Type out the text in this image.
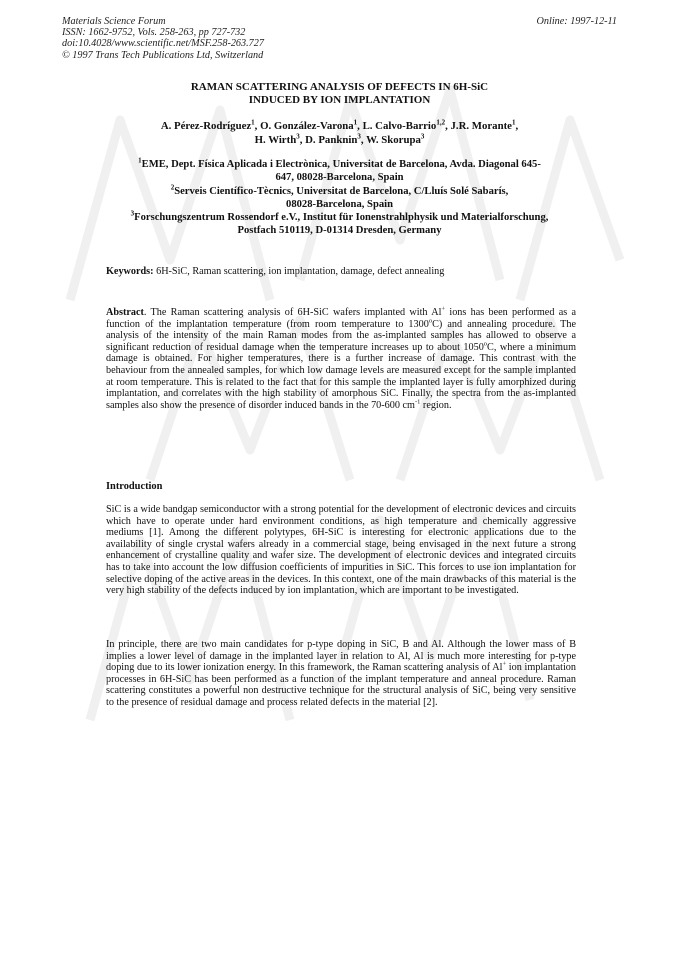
Materials Science Forum
ISSN: 1662-9752, Vols. 258-263, pp 727-732
doi:10.4028/www.scientific.net/MSF.258-263.727
© 1997 Trans Tech Publications Ltd, Switzerland
Online: 1997-12-11
RAMAN SCATTERING ANALYSIS OF DEFECTS IN 6H-SiC
INDUCED BY ION IMPLANTATION
A. Pérez-Rodríguez$^1$, O. González-Varona$^1$, L. Calvo-Barrio$^{1,2}$, J.R. Morante$^1$,
H. Wirth$^3$, D. Panknin$^3$, W. Skorupa$^3$
$^1$EME, Dept. Física Aplicada i Electrònica, Universitat de Barcelona, Avda. Diagonal 645-
647, 08028-Barcelona, Spain
$^2$Serveis Científico-Tècnics, Universitat de Barcelona, C/Lluís Solé Sabarís,
08028-Barcelona, Spain
$^3$Forschungszentrum Rossendorf e.V., Institut für Ionenstrahlphysik und Materialforschung,
Postfach 510119, D-01314 Dresden, Germany
Keywords: 6H-SiC, Raman scattering, ion implantation, damage, defect annealing
Abstract. The Raman scattering analysis of 6H-SiC wafers implanted with Al+ ions has been performed as a function of the implantation temperature (from room temperature to 1300$^o$C) and annealing procedure. The analysis of the intensity of the main Raman modes from the as-implanted samples has allowed to observe a significant reduction of residual damage when the temperature increases up to about 1050$^o$C, where a minimum damage is obtained. For higher temperatures, there is a further increase of damage. This contrast with the behaviour from the annealed samples, for which low damage levels are measured except for the sample implanted at room temperature. This is related to the fact that for this sample the implanted layer is fully amorphized during implantation, and correlates with the high stability of amorphous SiC. Finally, the spectra from the as-implanted samples also show the presence of disorder induced bands in the 70-600 $cm^{-1}$ region.
Introduction
SiC is a wide bandgap semiconductor with a strong potential for the development of electronic devices and circuits which have to operate under hard environment conditions, as high temperature and chemically aggressive mediums [1]. Among the different polytypes, 6H-SiC is interesting for electronic applications due to the availability of single crystal wafers already in a commercial stage, being envisaged in the next future a strong enhancement of crystalline quality and wafer size. The development of electronic devices and integrated circuits has to take into account the low diffusion coefficients of impurities in SiC. This forces to use ion implantation for selective doping of the active areas in the devices. In this context, one of the main drawbacks of this material is the very high stability of the defects induced by ion implantation, which are important to be investigated.
In principle, there are two main candidates for p-type doping in SiC, B and Al. Although the lower mass of B implies a lower level of damage in the implanted layer in relation to Al, Al is much more interesting for p-type doping due to its lower ionization energy. In this framework, the Raman scattering analysis of Al+ ion implantation processes in 6H-SiC has been performed as a function of the implant temperature and anneal procedure. Raman scattering constitutes a powerful non destructive technique for the structural analysis of SiC, being very sensitive to the presence of residual damage and process related defects in the material [2].
